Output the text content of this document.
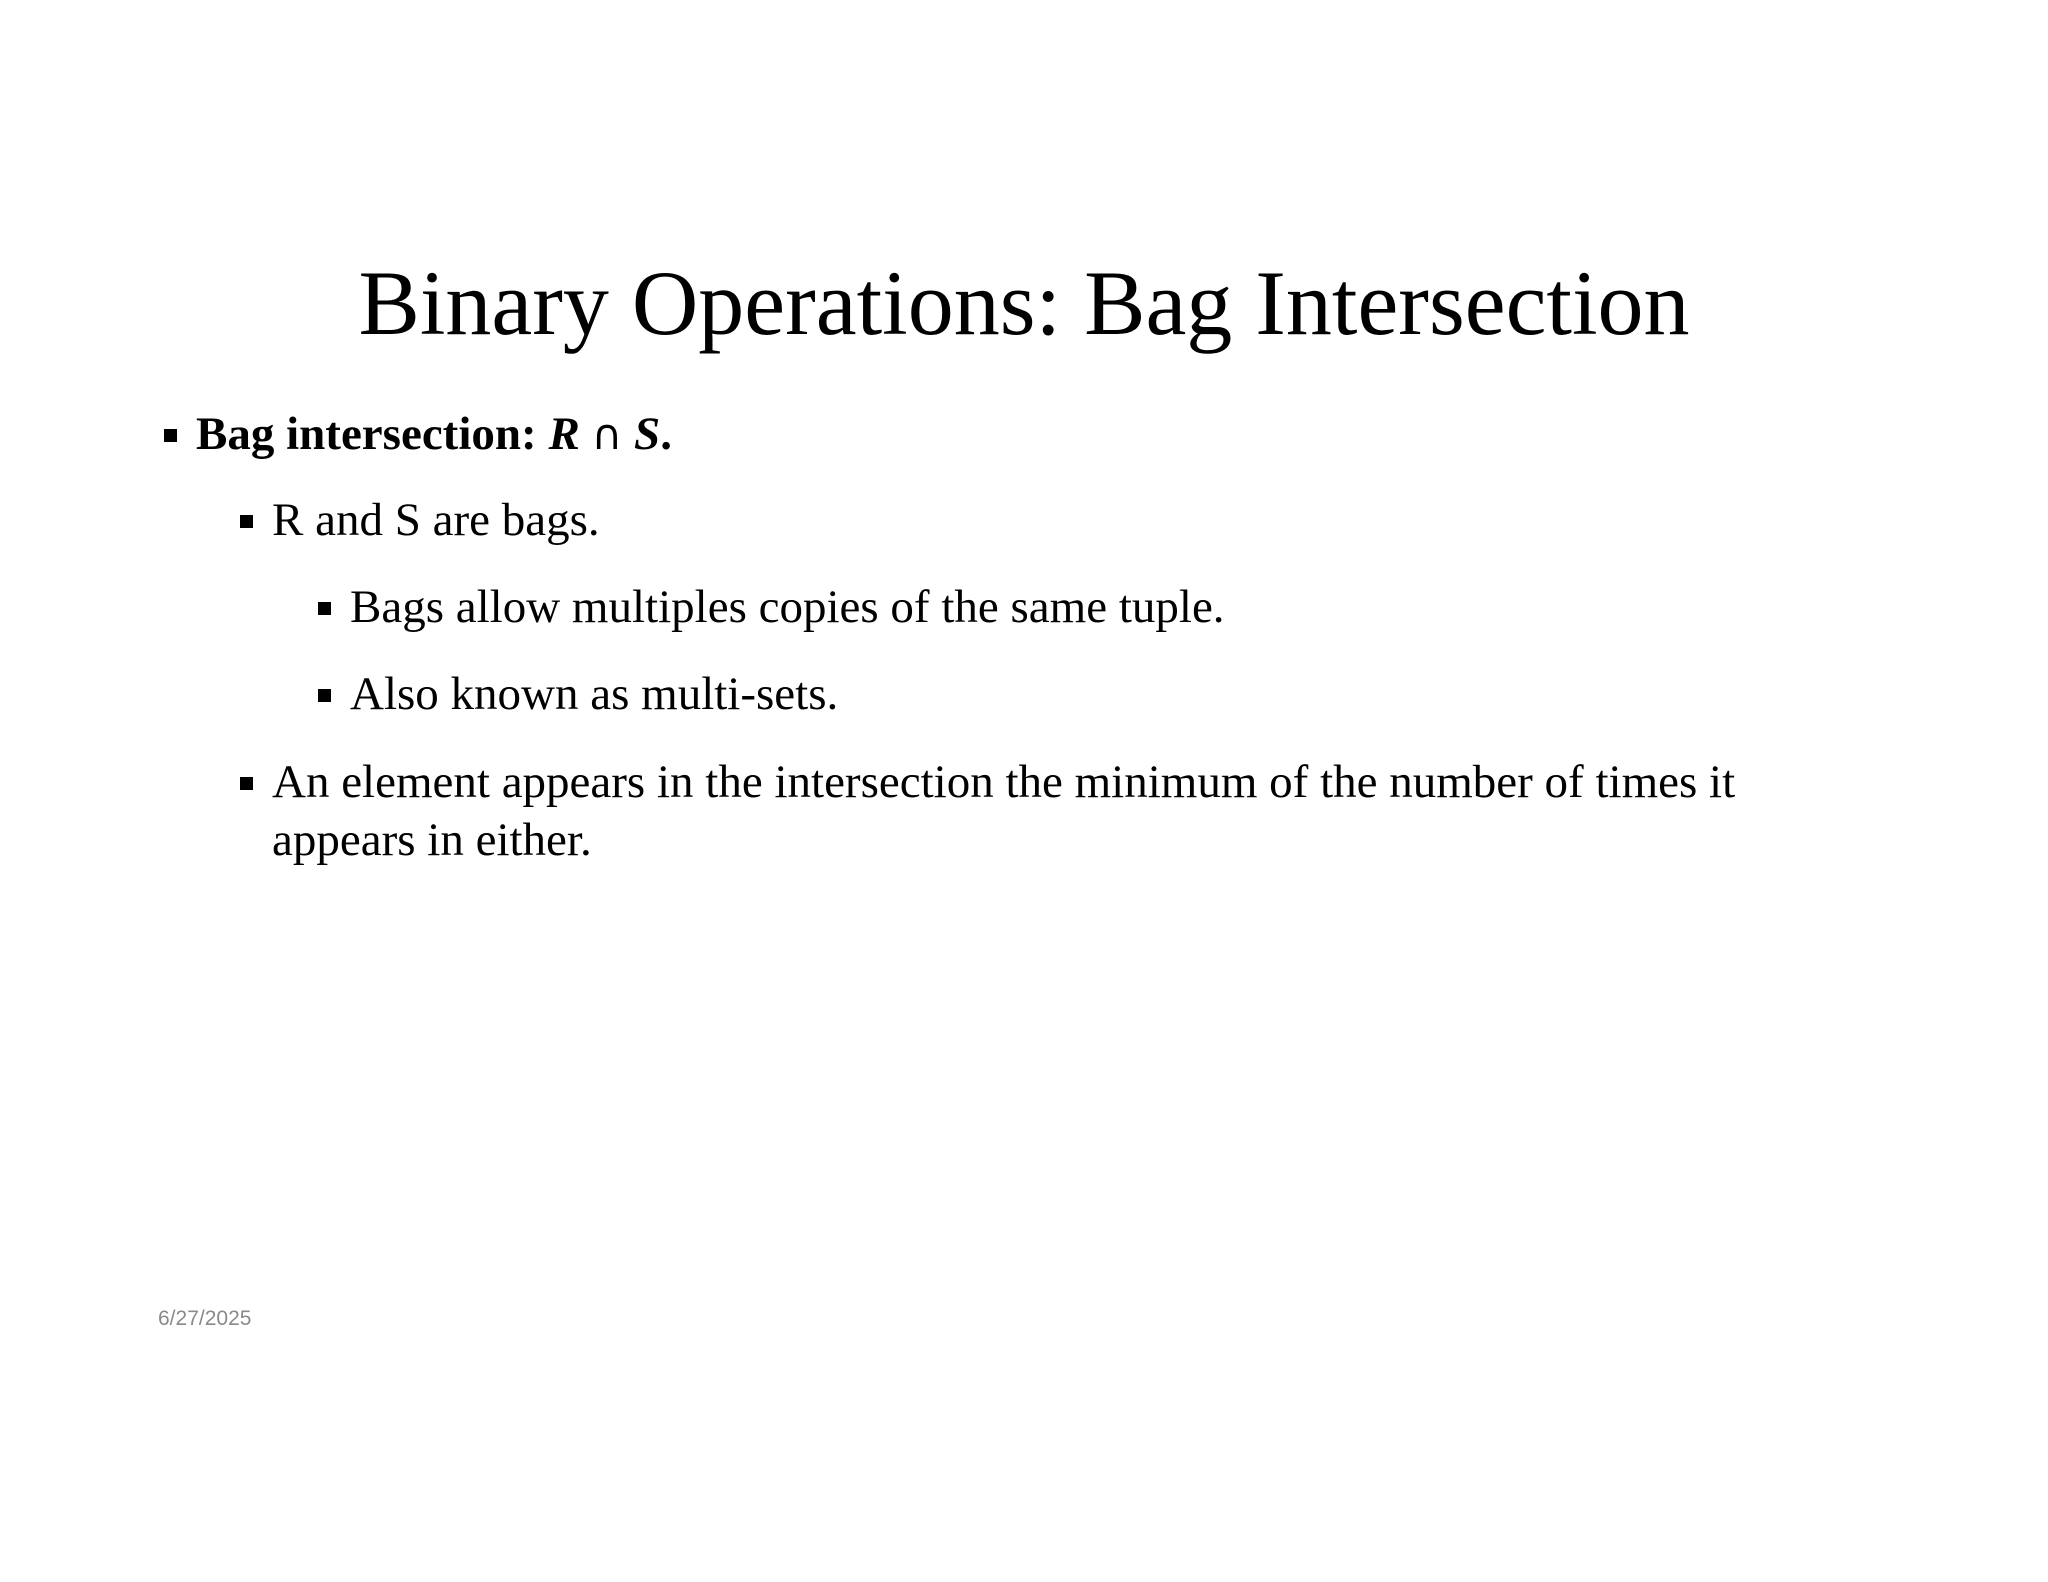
Binary Operations: Bag Intersection
Bag intersection: R ∩ S.
R and S are bags.
Bags allow multiples copies of the same tuple.
Also known as multi-sets.
An element appears in the intersection the minimum of the number of times it
appears in either.
6/27/2025
